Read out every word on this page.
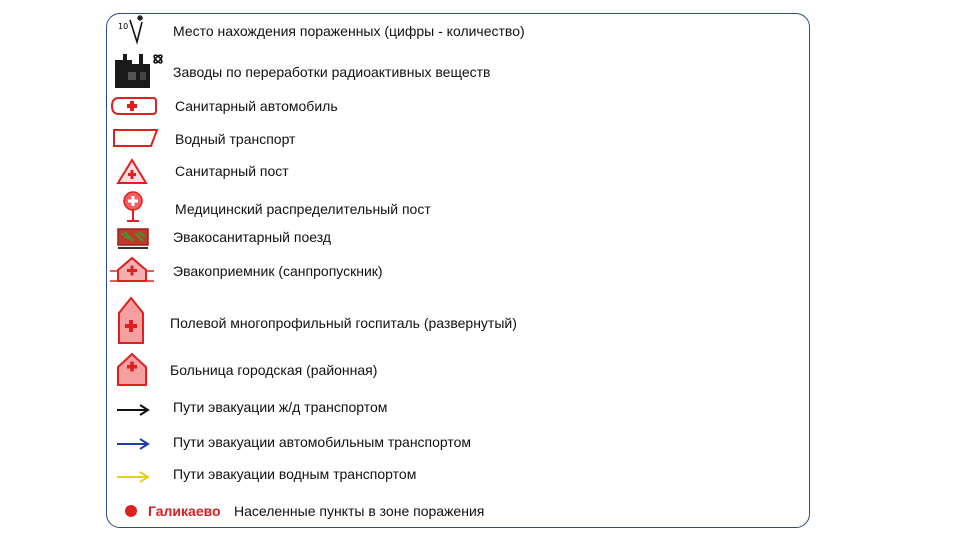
10	Место нахождения пораженных (цифры - количество)
Заводы по переработки радиоактивных веществ
Санитарный автомобиль
Водный транспорт
Санитарный пост
Медицинский распределительный пост
Эвакосанитарный поезд
Эвакоприемник (санпропускник)
Полевой многопрофильный госпиталь (развернутый)
Больница городская (районная)
Пути эвакуации ж/д транспортом
Пути эвакуации автомобильным транспортом
Пути эвакуации водным транспортом
Галикаево Населенные пункты в зоне поражения
